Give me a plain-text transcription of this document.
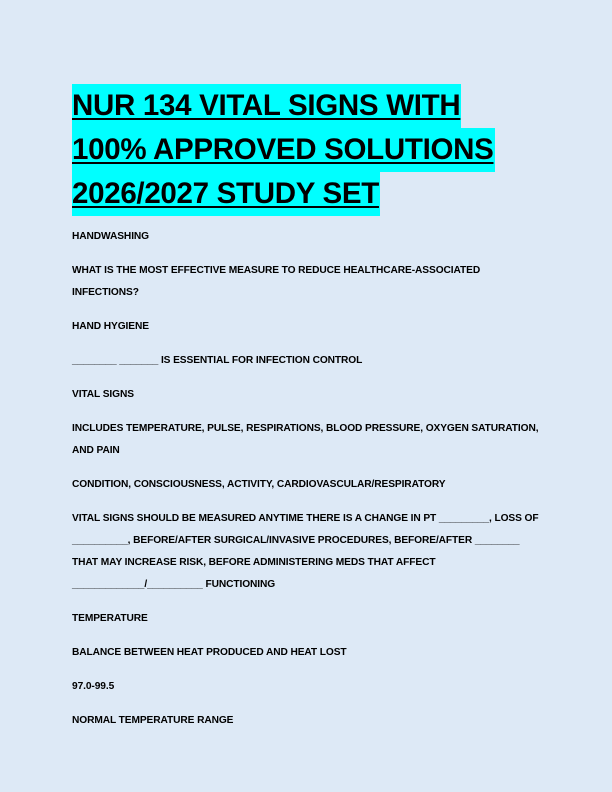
NUR 134 VITAL SIGNS WITH
100% APPROVED SOLUTIONS
2026/2027 STUDY SET
HANDWASHING
WHAT IS THE MOST EFFECTIVE MEASURE TO REDUCE HEALTHCARE-ASSOCIATED INFECTIONS?
HAND HYGIENE
________ _______ IS ESSENTIAL FOR INFECTION CONTROL
VITAL SIGNS
INCLUDES TEMPERATURE, PULSE, RESPIRATIONS, BLOOD PRESSURE, OXYGEN SATURATION, AND PAIN
CONDITION, CONSCIOUSNESS, ACTIVITY, CARDIOVASCULAR/RESPIRATORY
VITAL SIGNS SHOULD BE MEASURED ANYTIME THERE IS A CHANGE IN PT _________, LOSS OF __________, BEFORE/AFTER SURGICAL/INVASIVE PROCEDURES, BEFORE/AFTER ________ THAT MAY INCREASE RISK, BEFORE ADMINISTERING MEDS THAT AFFECT _____________/__________ FUNCTIONING
TEMPERATURE
BALANCE BETWEEN HEAT PRODUCED AND HEAT LOST
97.0-99.5
NORMAL TEMPERATURE RANGE
